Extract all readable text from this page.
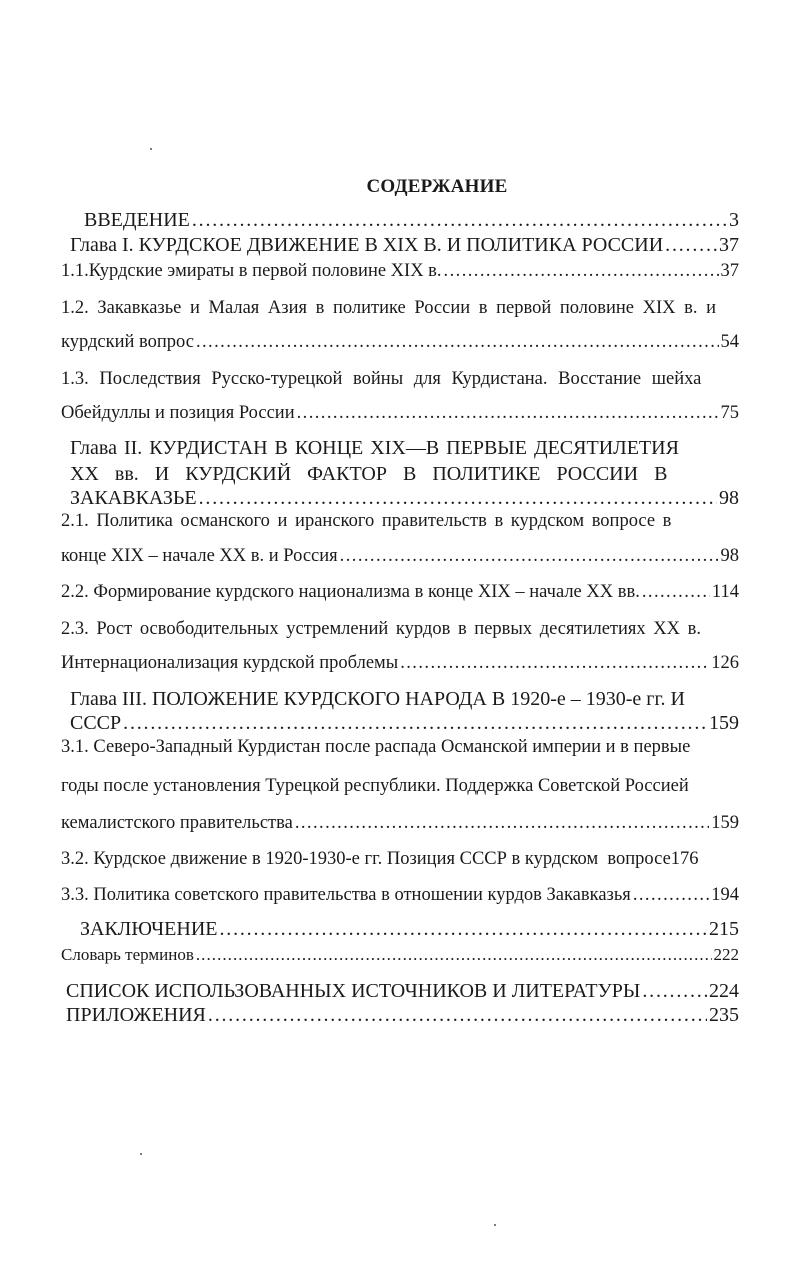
СОДЕРЖАНИЕ
ВВЕДЕНИЕ . . .	3
Глава I. КУРДСКОЕ ДВИЖЕНИЕ В XIX В. И ПОЛИТИКА РОССИИ . . .	37
1.1.Курдские эмираты в первой половине XIX в. . . .	37
1.2. Закавказье и Малая Азия в политике России в первой половине XIX в. и
курдский вопрос . . .	54
1.3. Последствия Русско-турецкой войны для Курдистана. Восстание шейха
Обейдуллы и позиция России . . .	75
Глава II. КУРДИСТАН В КОНЦЕ XIX—В ПЕРВЫЕ ДЕСЯТИЛЕТИЯ
XX вв. И КУРДСКИЙ ФАКТОР В ПОЛИТИКЕ РОССИИ В
ЗАКАВКАЗЬЕ . . .	98
2.1. Политика османского и иранского правительств в курдском вопросе в
конце XIX – начале XX в. и Россия . . .	98
2.2. Формирование курдского национализма в конце XIX – начале XX вв. . . .	114
2.3. Рост освободительных устремлений курдов в первых десятилетиях XX в.
Интернационализация курдской проблемы . . .	126
Глава III. ПОЛОЖЕНИЕ КУРДСКОГО НАРОДА В 1920-е – 1930-е гг. И
СССР . . .	159
3.1. Северо-Западный Курдистан после распада Османской империи и в первые
годы после установления Турецкой республики. Поддержка Советской Россией
кемалистского правительства . . .	159
3.2. Курдское движение в 1920-1930-е гг. Позиция СССР в курдском  вопросе 176
3.3. Политика советского правительства в отношении курдов Закавказья . . .	194
ЗАКЛЮЧЕНИЕ . . .	215
Словарь терминов . . .	222
СПИСОК ИСПОЛЬЗОВАННЫХ ИСТОЧНИКОВ И ЛИТЕРАТУРЫ . . .	224
ПРИЛОЖЕНИЯ . . .	235
